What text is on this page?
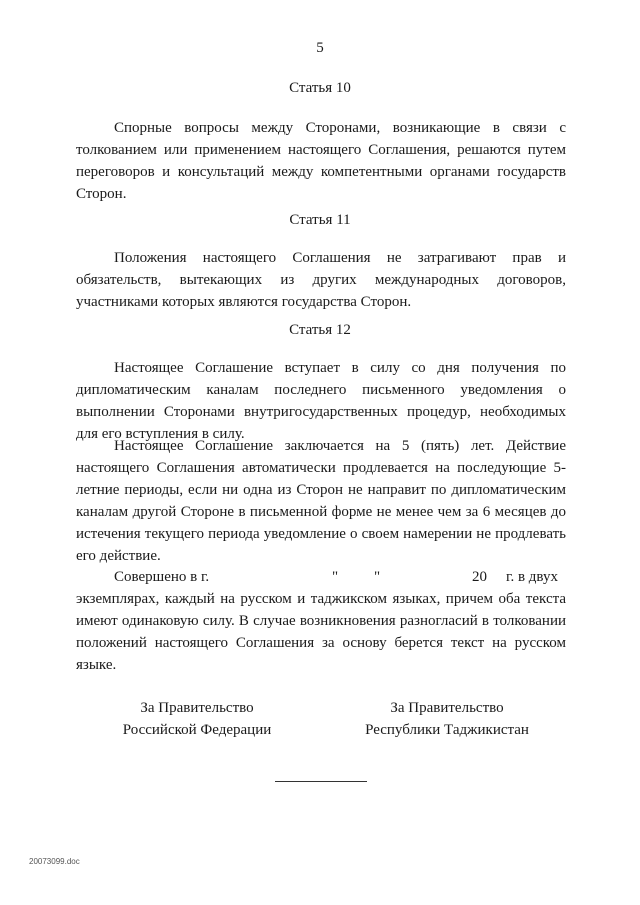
5
Статья 10

Спорные вопросы между Сторонами, возникающие в связи с толкованием или применением настоящего Соглашения, решаются путем переговоров и консультаций между компетентными органами государств Сторон.

Статья 11

Положения настоящего Соглашения не затрагивают прав и обязательств, вытекающих из других международных договоров, участниками которых являются государства Сторон.

Статья 12

Настоящее Соглашение вступает в силу со дня получения по дипломатическим каналам последнего письменного уведомления о выполнении Сторонами внутригосударственных процедур, необходимых для его вступления в силу.

Настоящее Соглашение заключается на 5 (пять) лет. Действие настоящего Соглашения автоматически продлевается на последующие 5-летние периоды, если ни одна из Сторон не направит по дипломатическим каналам другой Стороне в письменной форме не менее чем за 6 месяцев до истечения текущего периода уведомление о своем намерении не продлевать его действие.

Совершено в г.	" "	20 г. в двух

экземплярах, каждый на русском и таджикском языках, причем оба текста имеют одинаковую силу. В случае возникновения разногласий в толковании положений настоящего Соглашения за основу берется текст на русском языке.

За Правительство
Российской Федерации
За Правительство
Республики Таджикистан
20073099.doc
